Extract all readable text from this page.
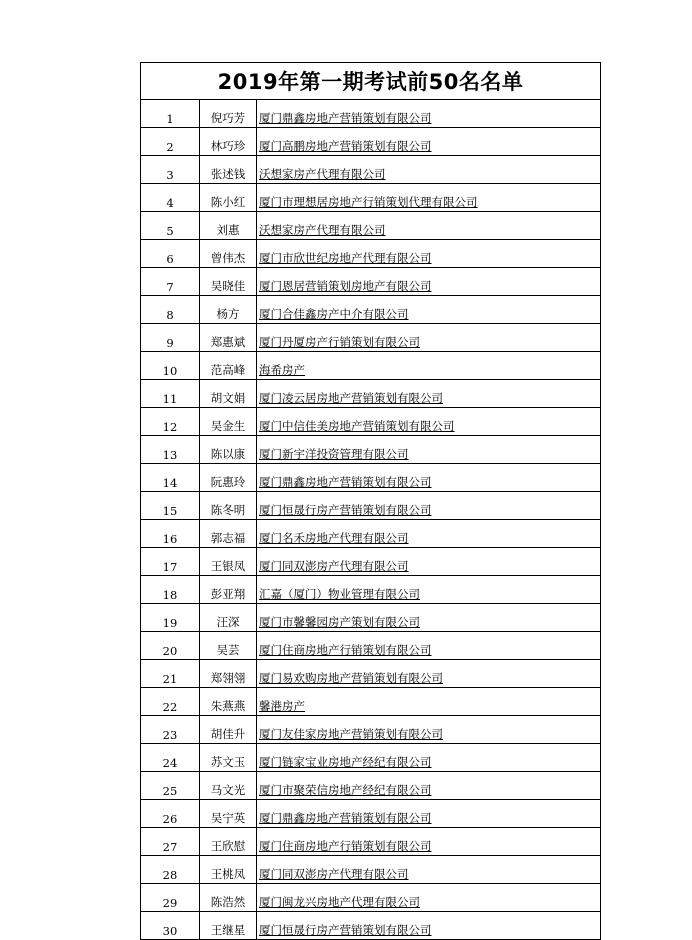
2019年第一期考试前50名名单
1	倪巧芳	厦门鼎鑫房地产营销策划有限公司
2	林巧珍	厦门高鹏房地产营销策划有限公司
3	张述钱	沃想家房产代理有限公司
4	陈小红	厦门市理想居房地产行销策划代理有限公司
5	刘惠	沃想家房产代理有限公司
6	曾伟杰	厦门市欣世纪房地产代理有限公司
7	吴晓佳	厦门恩居营销策划房地产有限公司
8	杨方	厦门合佳鑫房产中介有限公司
9	郑惠斌	厦门丹厦房产行销策划有限公司
10	范高峰	海希房产
11	胡文娟	厦门凌云居房地产营销策划有限公司
12	吴金生	厦门中信佳美房地产营销策划有限公司
13	陈以康	厦门新宇洋投资管理有限公司
14	阮惠玲	厦门鼎鑫房地产营销策划有限公司
15	陈冬明	厦门恒晟行房产营销策划有限公司
16	郭志福	厦门名禾房地产代理有限公司
17	王银凤	厦门同双澎房产代理有限公司
18	彭亚翔	汇嘉（厦门）物业管理有限公司
19	汪深	厦门市馨馨园房产策划有限公司
20	吴芸	厦门住商房地产行销策划有限公司
21	郑翎翎	厦门易欢购房地产营销策划有限公司
22	朱燕燕	馨港房产
23	胡佳升	厦门友佳家房地产营销策划有限公司
24	苏文玉	厦门链家宝业房地产经纪有限公司
25	马文光	厦门市聚荣信房地产经纪有限公司
26	吴宁英	厦门鼎鑫房地产营销策划有限公司
27	王欣慰	厦门住商房地产行销策划有限公司
28	王桃凤	厦门同双澎房产代理有限公司
29	陈浩然	厦门闽龙兴房地产代理有限公司
30	王继星	厦门恒晟行房产营销策划有限公司
